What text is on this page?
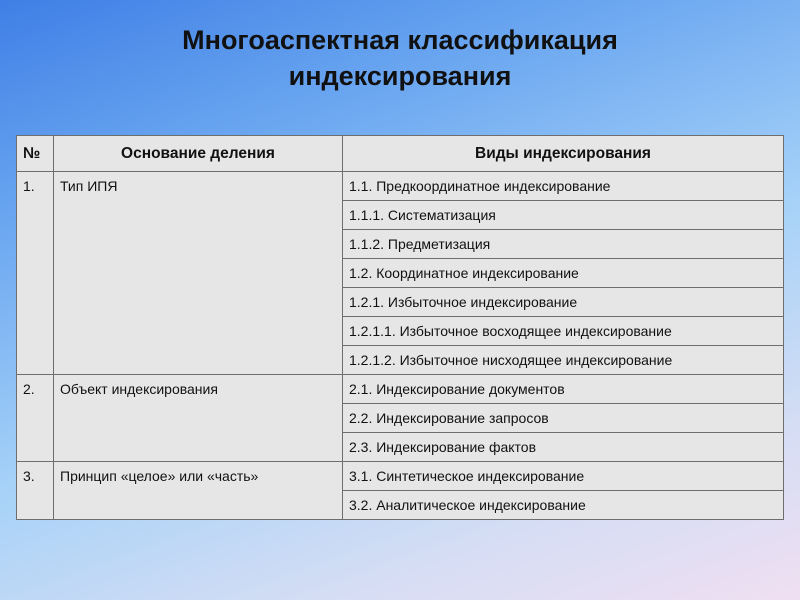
Многоаспектная классификация
индексирования
№	Основание деления	Виды индексирования
1.	Тип ИПЯ	1.1. Предкоординатное индексирование
		1.1.1. Систематизация
		1.1.2. Предметизация
		1.2. Координатное индексирование
		1.2.1. Избыточное индексирование
		1.2.1.1. Избыточное восходящее индексирование
		1.2.1.2. Избыточное нисходящее индексирование
2.	Объект индексирования	2.1. Индексирование документов
		2.2. Индексирование запросов
		2.3. Индексирование фактов
3.	Принцип «целое» или «часть»	3.1. Синтетическое индексирование
		3.2. Аналитическое индексирование
